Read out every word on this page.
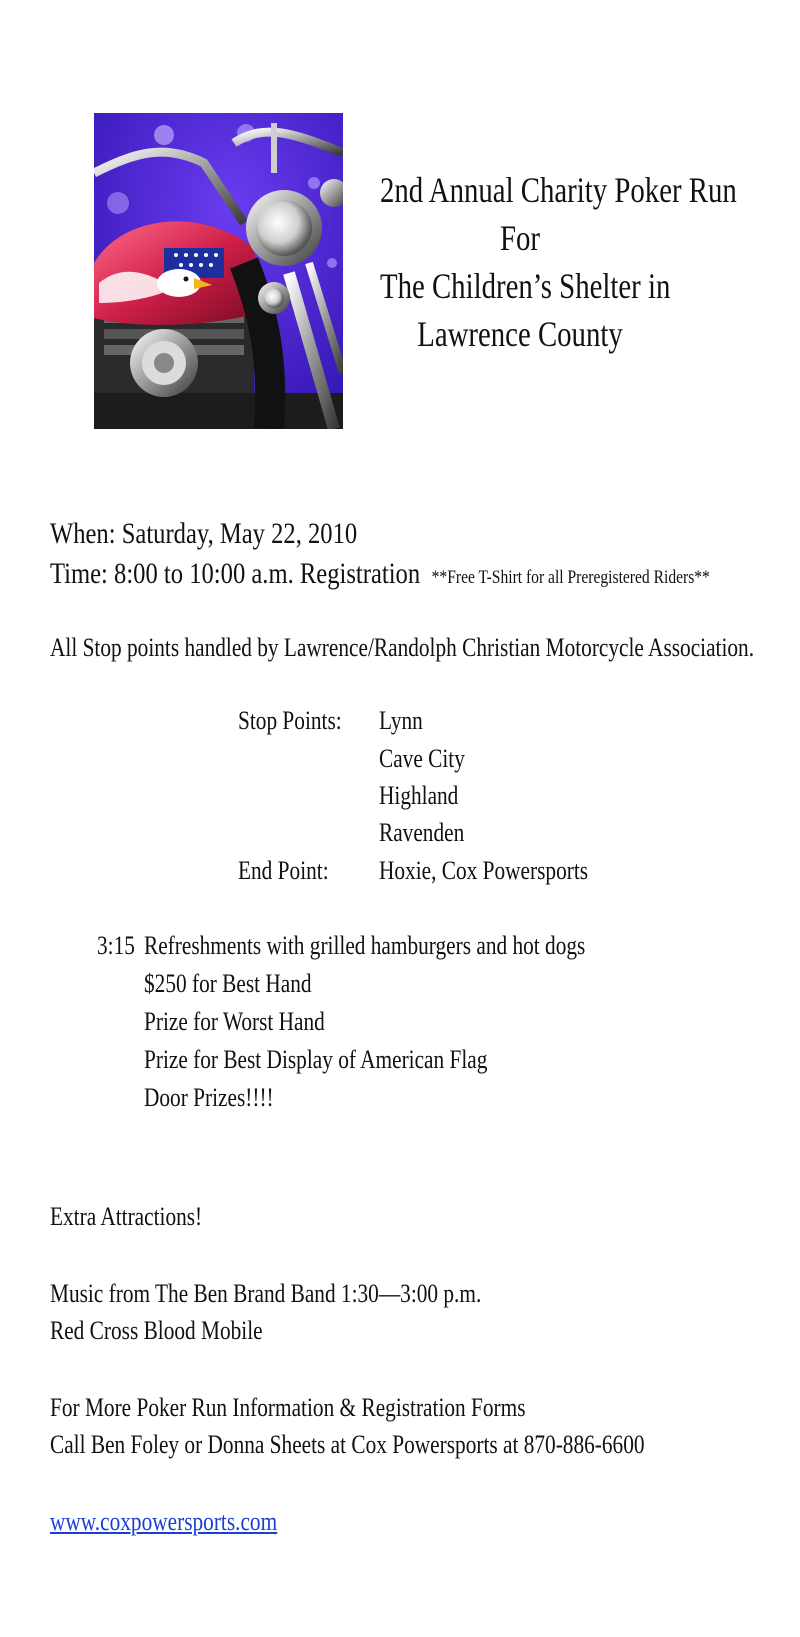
2nd Annual Charity Poker Run
For
The Children’s Shelter in
Lawrence County
When: Saturday, May 22, 2010
Time: 8:00 to 10:00 a.m. Registration **Free T-Shirt for all Preregistered Riders**
All Stop points handled by Lawrence/Randolph Christian Motorcycle Association.
Stop Points: Lynn
Cave City
Highland
Ravenden
End Point: Hoxie, Cox Powersports
3:15 Refreshments with grilled hamburgers and hot dogs
$250 for Best Hand
Prize for Worst Hand
Prize for Best Display of American Flag
Door Prizes!!!!
Extra Attractions!
Music from The Ben Brand Band 1:30—3:00 p.m.
Red Cross Blood Mobile
For More Poker Run Information & Registration Forms
Call Ben Foley or Donna Sheets at Cox Powersports at 870-886-6600
www.coxpowersports.com
